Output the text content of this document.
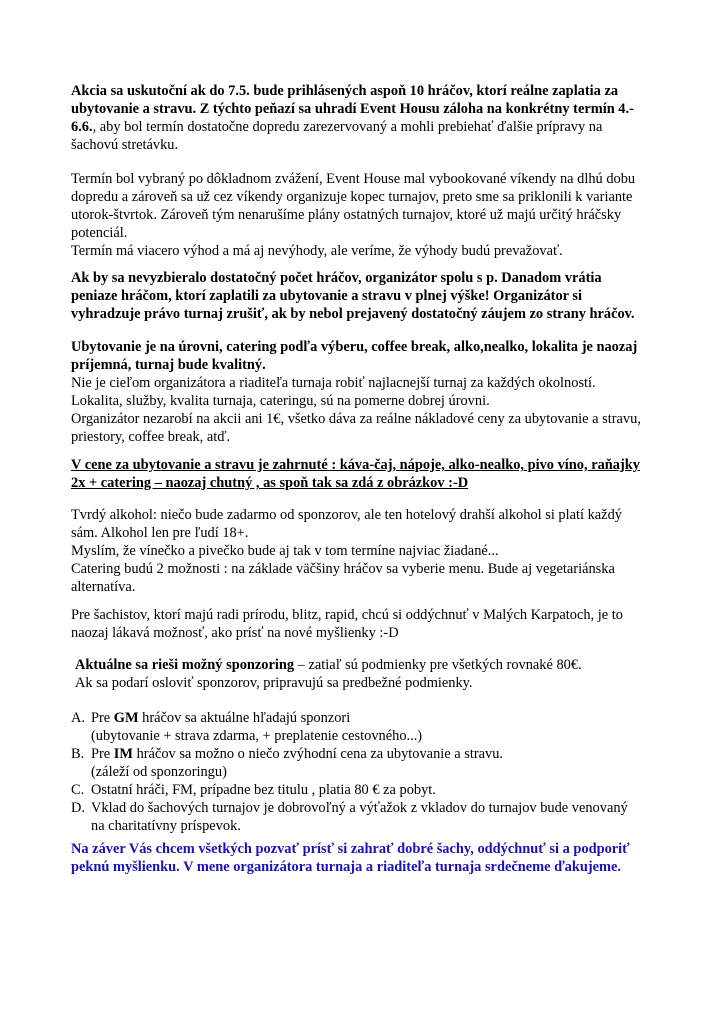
Akcia sa uskutoční ak do 7.5. bude prihlásených aspoň 10 hráčov, ktorí reálne zaplatia za
ubytovanie a stravu. Z týchto peňazí sa uhradí Event Housu záloha na konkrétny termín 4.-
6.6., aby bol termín dostatočne dopredu zarezervovaný a mohli prebiehať ďalšie prípravy na
šachovú stretávku.
Termín bol vybraný po dôkladnom zvážení, Event House mal vybookované víkendy na dlhú dobu
dopredu a zároveň sa už cez víkendy organizuje kopec turnajov, preto sme sa priklonili k variante
utorok-štvrtok. Zároveň tým nenarušíme plány ostatných turnajov, ktoré už majú určitý hráčsky
potenciál.
Termín má viacero výhod a má aj nevýhody, ale veríme, že výhody budú prevažovať.
Ak by sa nevyzbieralo dostatočný počet hráčov, organizátor spolu s p. Danadom vrátia
peniaze hráčom, ktorí zaplatili za ubytovanie a stravu v plnej výške! Organizátor si
vyhradzuje právo turnaj zrušiť, ak by nebol prejavený dostatočný záujem zo strany hráčov.
Ubytovanie je na úrovni, catering podľa výberu, coffee break, alko,nealko, lokalita je naozaj
príjemná, turnaj bude kvalitný.
Nie je cieľom organizátora a riaditeľa turnaja robiť najlacnejší turnaj za každých okolností.
Lokalita, služby, kvalita turnaja, cateringu, sú na pomerne dobrej úrovni.
Organizátor nezarobí na akcii ani 1€, všetko dáva za reálne nákladové ceny za ubytovanie a stravu,
priestory, coffee break, atď.
V cene za ubytovanie a stravu je zahrnuté : káva-čaj, nápoje, alko-nealko, pivo víno, raňajky
2x + catering – naozaj chutný , as spoň tak sa zdá z obrázkov :-D
Tvrdý alkohol: niečo bude zadarmo od sponzorov, ale ten hotelový drahší alkohol si platí každý
sám. Alkohol len pre ľudí 18+.
Myslím, že vínečko a pivečko bude aj tak v tom termíne najviac žiadané...
Catering budú 2 možnosti : na základe väčšiny hráčov sa vyberie menu. Bude aj vegetariánska
alternatíva.
Pre šachistov, ktorí majú radi prírodu, blitz, rapid, chcú si oddýchnuť v Malých Karpatoch, je to
naozaj lákavá možnosť, ako prísť na nové myšlienky :-D
Aktuálne sa rieši možný sponzoring – zatiaľ sú podmienky pre všetkých rovnaké 80€.
Ak sa podarí osloviť sponzorov, pripravujú sa predbežné podmienky.
A. Pre GM hráčov sa aktuálne hľadajú sponzori
(ubytovanie + strava zdarma, + preplatenie cestovného...)
B. Pre IM hráčov sa možno o niečo zvýhodní cena za ubytovanie a stravu.
(záleží od sponzoringu)
C. Ostatní hráči, FM, prípadne bez titulu , platia 80 € za pobyt.
D. Vklad do šachových turnajov je dobrovoľný a výťažok z vkladov do turnajov bude venovaný
na charitatívny príspevok.
Na záver Vás chcem všetkých pozvať prísť si zahrať dobré šachy, oddýchnuť si a podporiť
peknú myšlienku. V mene organizátora turnaja a riaditeľa turnaja srdečneme ďakujeme.
